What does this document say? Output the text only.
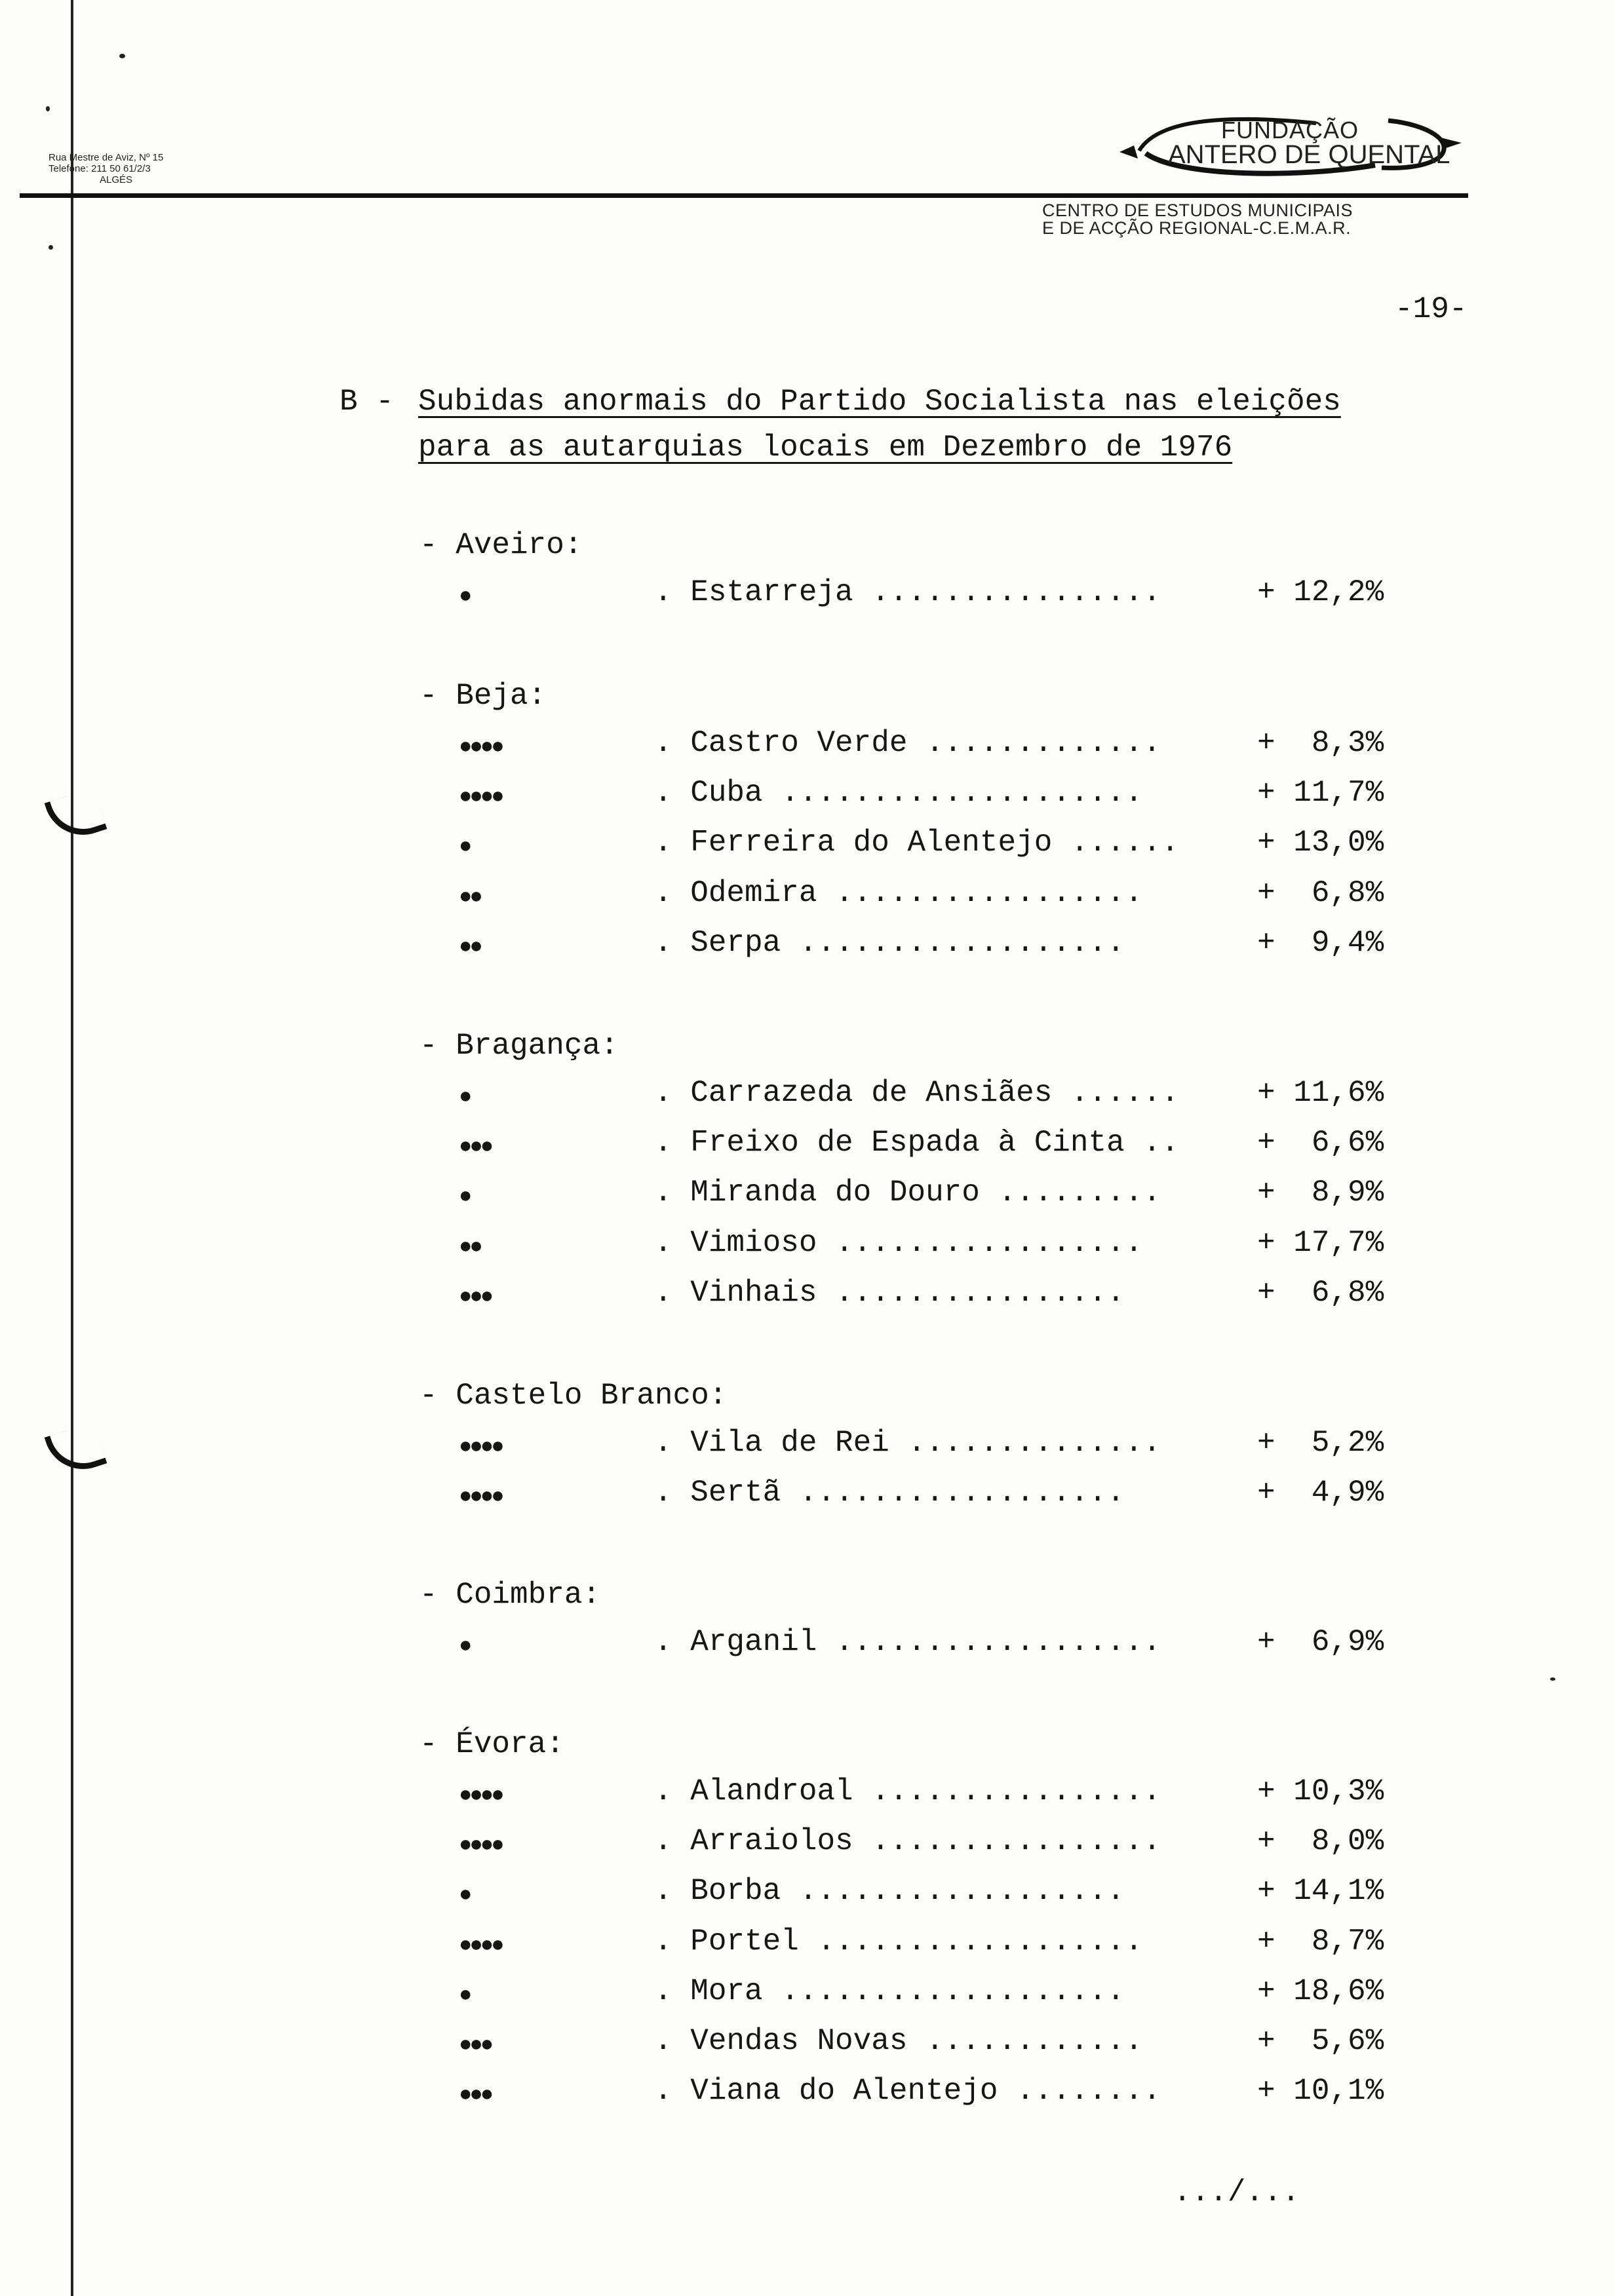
Rua Mestre de Aviz, Nº 15
Telefone: 211 50 61/2/3
ALGÉS
FUNDAÇÃO
ANTERO DE QUENTAL
CENTRO DE ESTUDOS MUNICIPAIS
E DE ACÇÃO REGIONAL-C.E.M.A.R.
-19-
B - Subidas anormais do Partido Socialista nas eleições
para as autarquias locais em Dezembro de 1976
- Aveiro:
●	. Estarreja ................	+ 12,2%
- Beja:
●●●●	. Castro Verde .............	+  8,3%
●●●●	. Cuba ....................	+ 11,7%
●	. Ferreira do Alentejo ......	+ 13,0%
●●	. Odemira .................	+  6,8%
●●	. Serpa ..................	+  9,4%
- Bragança:
●	. Carrazeda de Ansiães ......	+ 11,6%
●●●	. Freixo de Espada à Cinta ..	+  6,6%
●	. Miranda do Douro .........	+  8,9%
●●	. Vimioso .................	+ 17,7%
●●●	. Vinhais ................	+  6,8%
- Castelo Branco:
●●●●	. Vila de Rei ..............	+  5,2%
●●●●	. Sertã ..................	+  4,9%
- Coimbra:
●	. Arganil ..................	+  6,9%
- Évora:
●●●●	. Alandroal ................	+ 10,3%
●●●●	. Arraiolos ................	+  8,0%
●	. Borba ..................	+ 14,1%
●●●●	. Portel ..................	+  8,7%
●	. Mora ...................	+ 18,6%
●●●	. Vendas Novas ............	+  5,6%
●●●	. Viana do Alentejo ........	+ 10,1%
.../...
